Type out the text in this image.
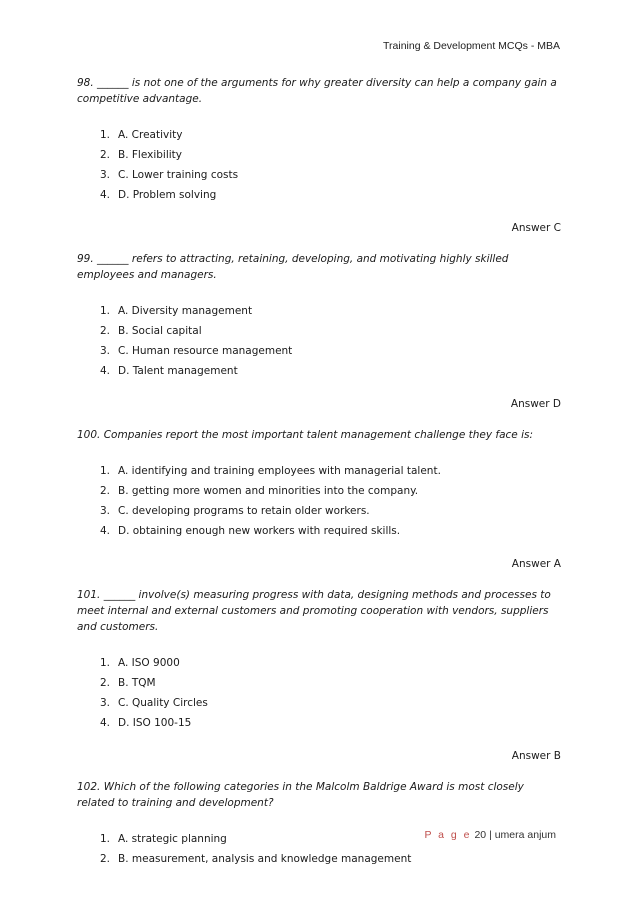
Training & Development MCQs - MBA

98. ______ is not one of the arguments for why greater diversity can help a company gain a competitive advantage.

1. A. Creativity
2. B. Flexibility
3. C. Lower training costs
4. D. Problem solving
Answer C

99. ______ refers to attracting, retaining, developing, and motivating highly skilled employees and managers.

1. A. Diversity management
2. B. Social capital
3. C. Human resource management
4. D. Talent management
Answer D

100. Companies report the most important talent management challenge they face is:

1. A. identifying and training employees with managerial talent.
2. B. getting more women and minorities into the company.
3. C. developing programs to retain older workers.
4. D. obtaining enough new workers with required skills.
Answer A

101. ______ involve(s) measuring progress with data, designing methods and processes to meet internal and external customers and promoting cooperation with vendors, suppliers and customers.

1. A. ISO 9000
2. B. TQM
3. C. Quality Circles
4. D. ISO 100-15
Answer B

102. Which of the following categories in the Malcolm Baldrige Award is most closely related to training and development?

1. A. strategic planning
2. B. measurement, analysis and knowledge management
P a g e 20 | umera anjum
